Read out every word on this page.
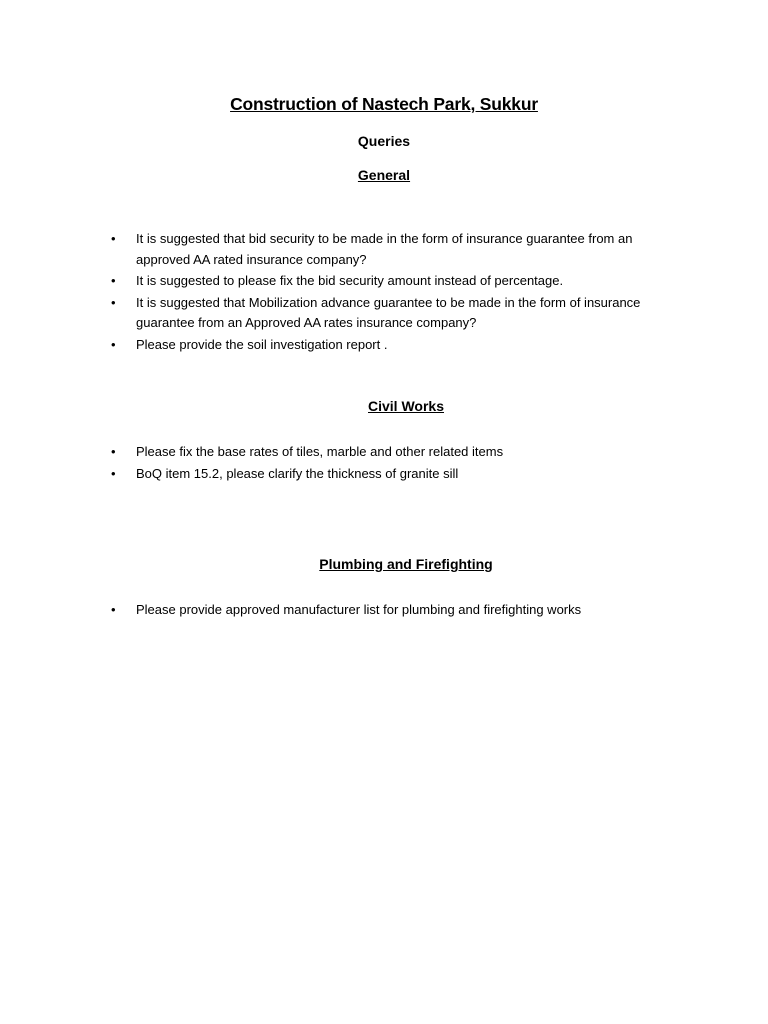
Construction of Nastech Park, Sukkur
Queries
General
• It is suggested that bid security to be made in the form of insurance guarantee from an approved AA rated insurance company?
• It is suggested to please fix the bid security amount instead of percentage.
• It is suggested that Mobilization advance guarantee to be made in the form of insurance guarantee from an Approved AA rates insurance company?
• Please provide the soil investigation report .
Civil Works
• Please fix the base rates of tiles, marble and other related items
• BoQ item 15.2, please clarify the thickness of granite sill
Plumbing and Firefighting
• Please provide approved manufacturer list for plumbing and firefighting works
